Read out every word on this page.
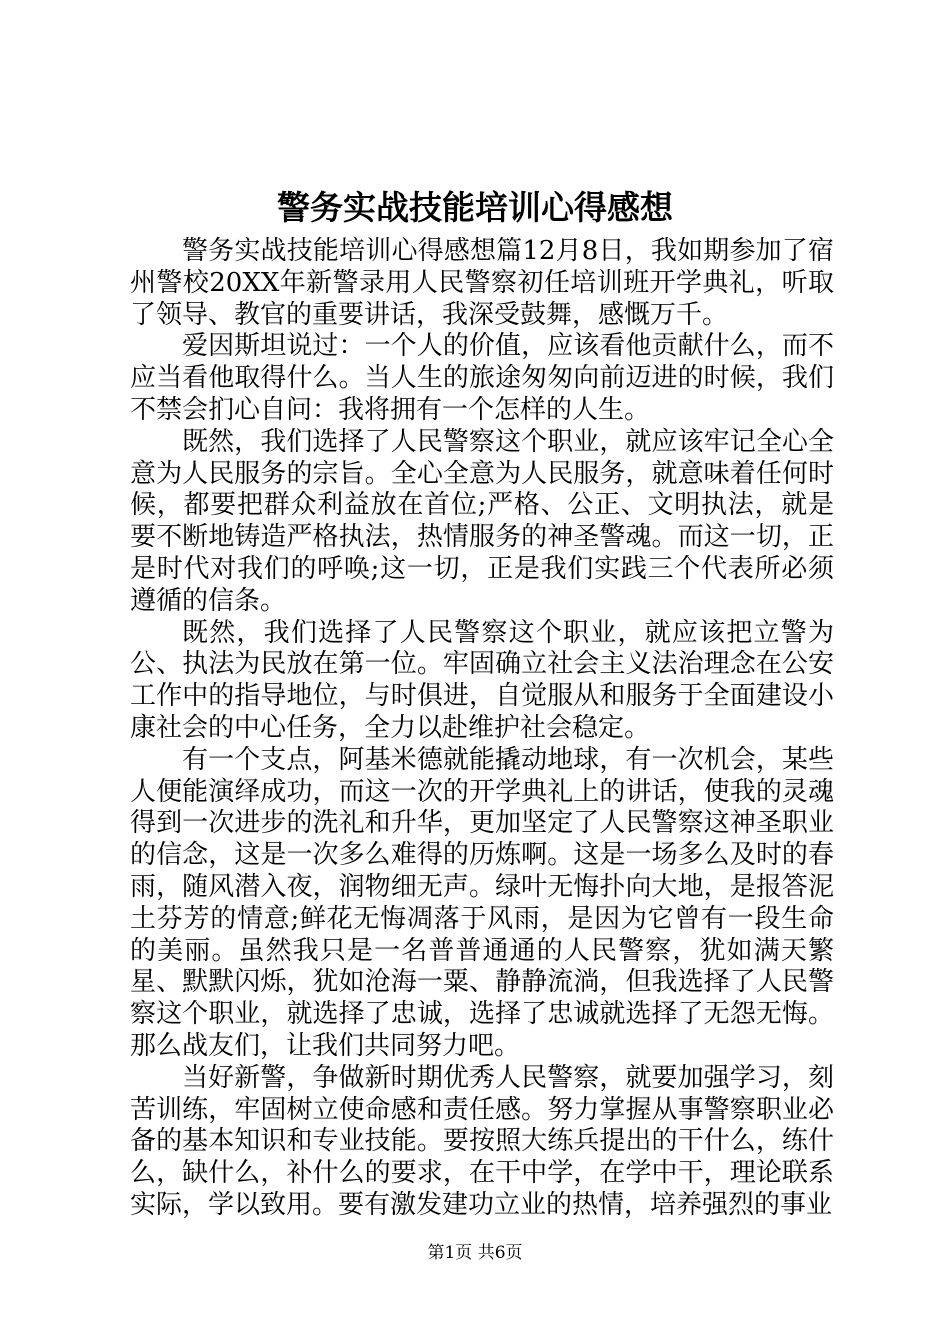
警务实战技能培训心得感想

警务实战技能培训心得感想篇12月8日，我如期参加了宿州警校20XX年新警录用人民警察初任培训班开学典礼，听取了领导、教官的重要讲话，我深受鼓舞，感慨万千。

爱因斯坦说过：一个人的价值，应该看他贡献什么，而不应当看他取得什么。当人生的旅途匆匆向前迈进的时候，我们不禁会扪心自问：我将拥有一个怎样的人生。

既然，我们选择了人民警察这个职业，就应该牢记全心全意为人民服务的宗旨。全心全意为人民服务，就意味着任何时候，都要把群众利益放在首位;严格、公正、文明执法，就是要不断地铸造严格执法，热情服务的神圣警魂。而这一切，正是时代对我们的呼唤;这一切，正是我们实践三个代表所必须遵循的信条。

既然，我们选择了人民警察这个职业，就应该把立警为公、执法为民放在第一位。牢固确立社会主义法治理念在公安工作中的指导地位，与时俱进，自觉服从和服务于全面建设小康社会的中心任务，全力以赴维护社会稳定。

有一个支点，阿基米德就能撬动地球，有一次机会，某些人便能演绎成功，而这一次的开学典礼上的讲话，使我的灵魂得到一次进步的洗礼和升华，更加坚定了人民警察这神圣职业的信念，这是一次多么难得的历炼啊。这是一场多么及时的春雨，随风潜入夜，润物细无声。绿叶无悔扑向大地，是报答泥土芬芳的情意;鲜花无悔凋落于风雨，是因为它曾有一段生命的美丽。虽然我只是一名普普通通的人民警察，犹如满天繁星、默默闪烁，犹如沧海一粟、静静流淌，但我选择了人民警察这个职业，就选择了忠诚，选择了忠诚就选择了无怨无悔。那么战友们，让我们共同努力吧。

当好新警，争做新时期优秀人民警察，就要加强学习，刻苦训练，牢固树立使命感和责任感。努力掌握从事警察职业必备的基本知识和专业技能。要按照大练兵提出的干什么，练什么，缺什么，补什么的要求，在干中学，在学中干，理论联系实际，学以致用。要有激发建功立业的热情，培养强烈的事业

第1页 共6页
